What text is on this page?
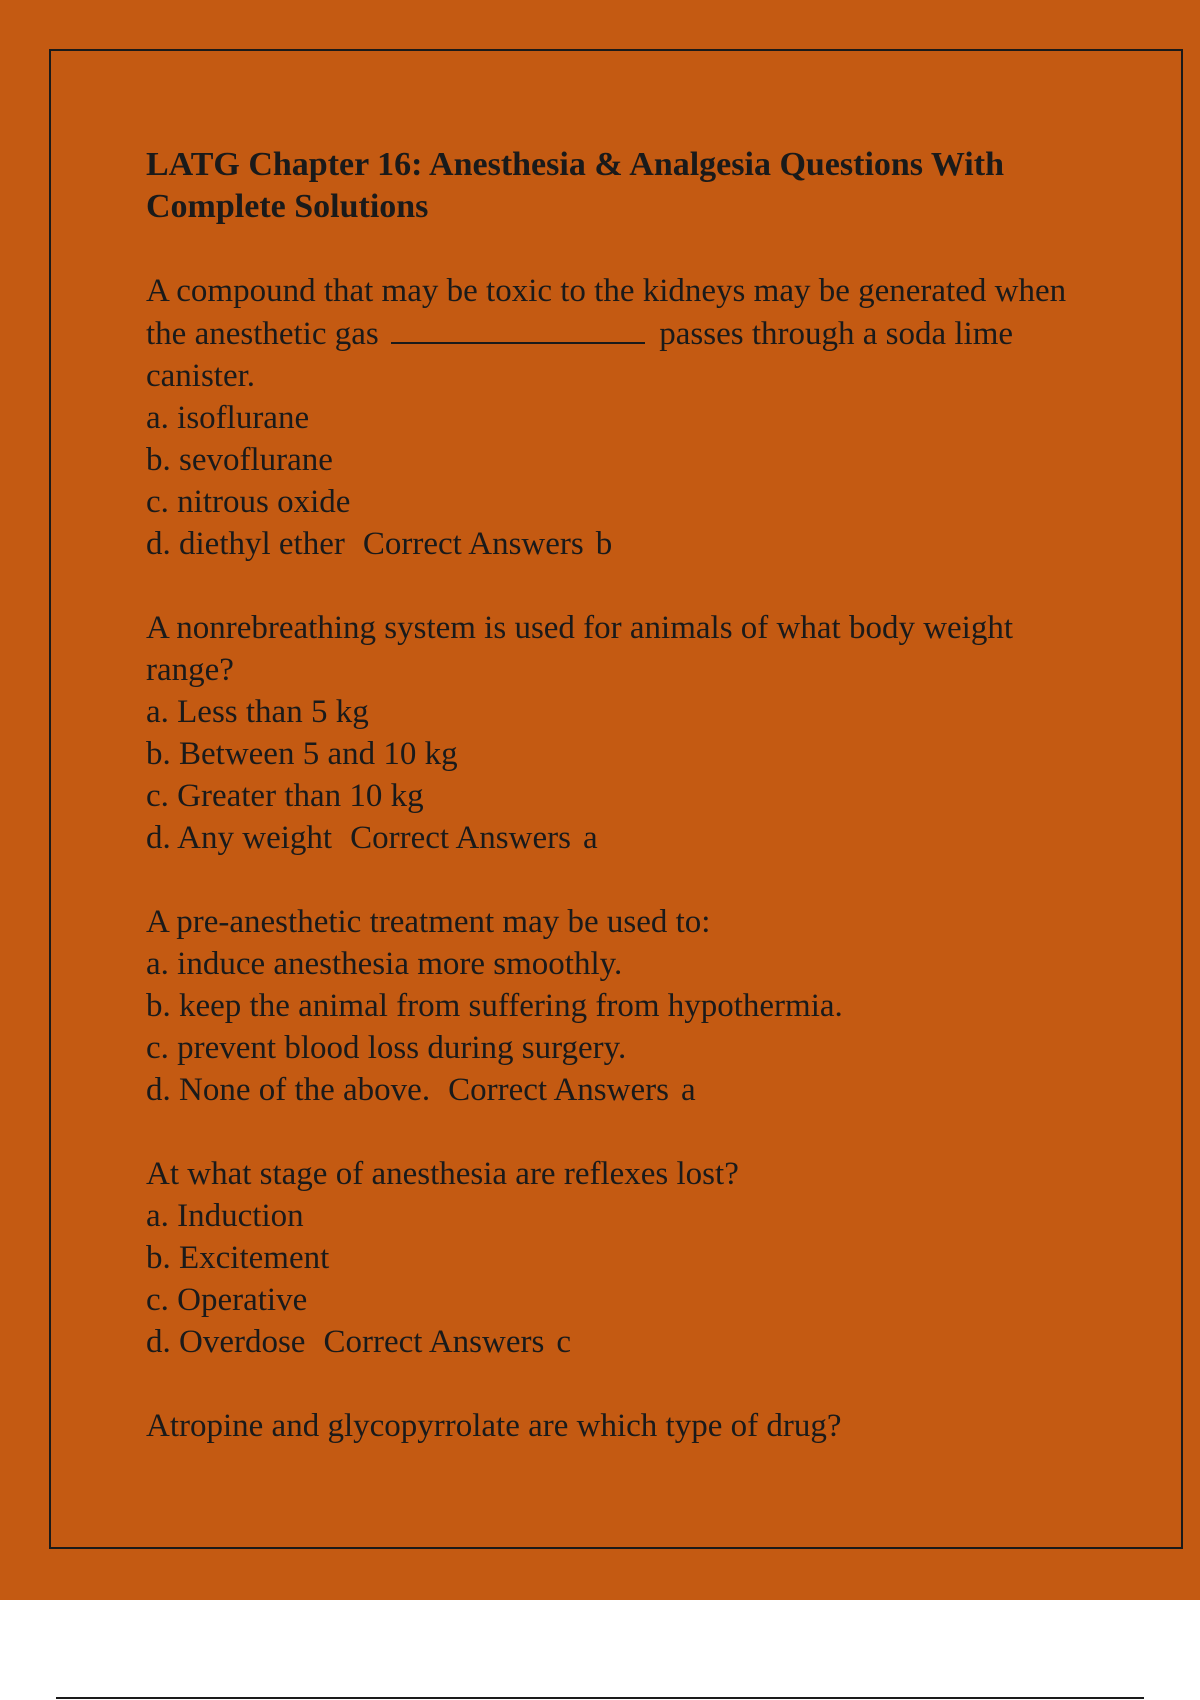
LATG Chapter 16: Anesthesia & Analgesia Questions With Complete Solutions

A compound that may be toxic to the kidneys may be generated when the anesthetic gas	passes through a soda lime canister.

a. isoflurane

b. sevoflurane

c. nitrous oxide

d. diethyl ether Correct Answers b

A nonrebreathing system is used for animals of what body weight range?

a. Less than 5 kg

b. Between 5 and 10 kg

c. Greater than 10 kg

d. Any weight Correct Answers a

A pre-anesthetic treatment may be used to:

a. induce anesthesia more smoothly.

b. keep the animal from suffering from hypothermia.

c. prevent blood loss during surgery.

d. None of the above. Correct Answers a

At what stage of anesthesia are reflexes lost?

a. Induction

b. Excitement

c. Operative

d. Overdose Correct Answers c

Atropine and glycopyrrolate are which type of drug?
